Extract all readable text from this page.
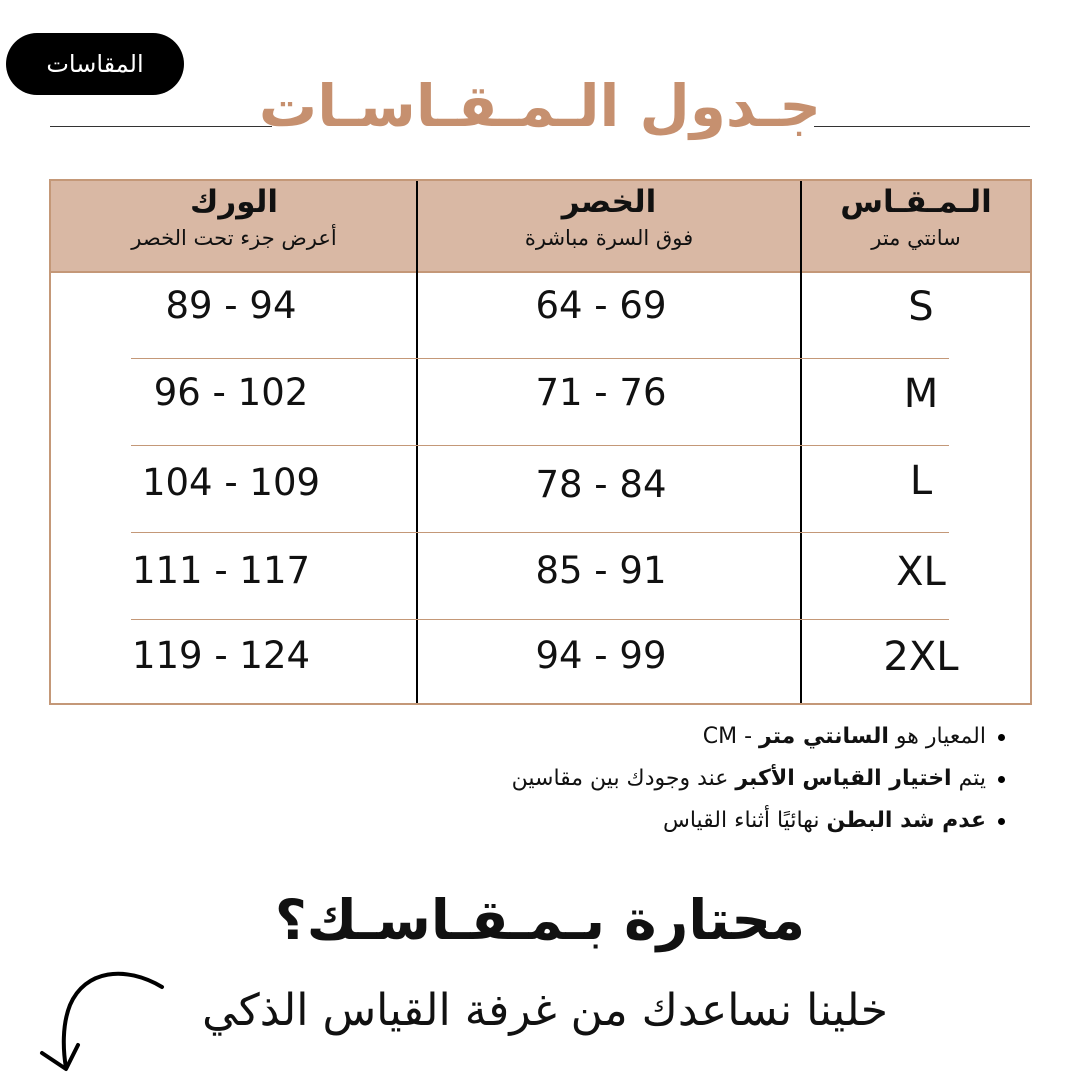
المقاسات
جـدول الـمـقـاسـات
الورك
أعرض جزء تحت الخصر
الخصر
فوق السرة مباشرة
الـمـقـاس
سانتي متر
89 - 94	64 - 69	S
96 - 102	71 - 76	M
104 - 109	78 - 84	L
111 - 117	85 - 91	XL
119 - 124	94 - 99	2XL
المعيار هو السانتي متر - CM
يتم اختيار القياس الأكبر عند وجودك بين مقاسين
عدم شد البطن نهائيًا أثناء القياس
محتارة بـمـقـاسـك؟
خلينا نساعدك من غرفة القياس الذكي
